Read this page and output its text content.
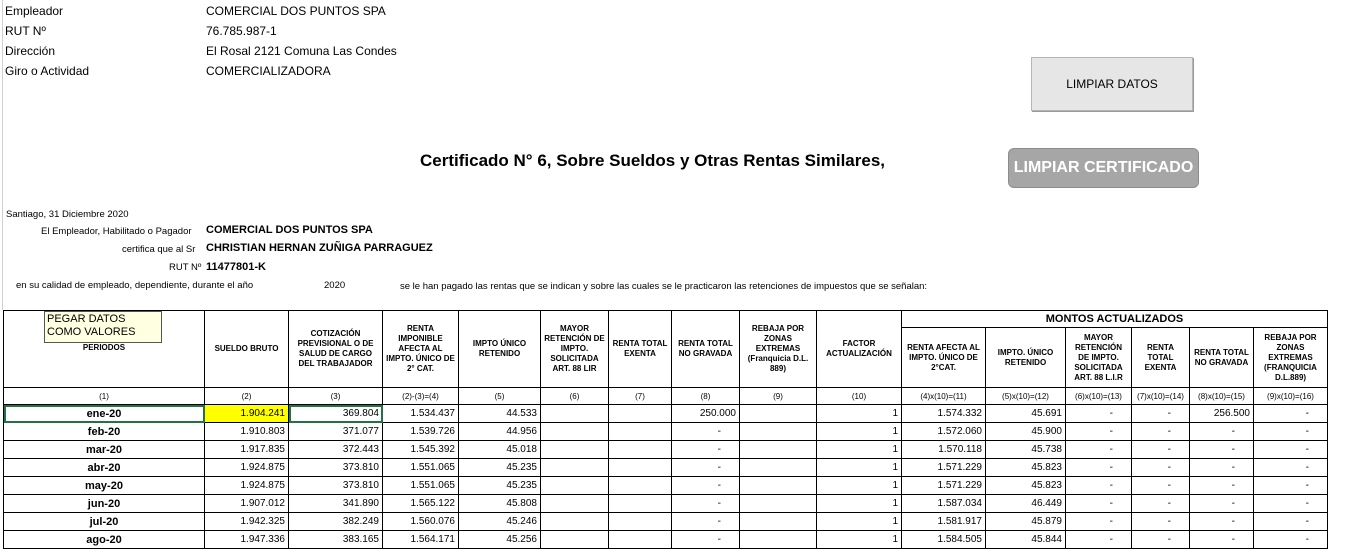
Empleador	COMERCIAL DOS PUNTOS SPA
RUT Nº	76.785.987-1
Dirección	El Rosal 2121 Comuna Las Condes
Giro o Actividad	COMERCIALIZADORA
LIMPIAR DATOS
Certificado N° 6, Sobre Sueldos y Otras Rentas Similares,	LIMPIAR CERTIFICADO
Santiago, 31 Diciembre 2020
El Empleador, Habilitado o Pagador COMERCIAL DOS PUNTOS SPA
certifica que al Sr CHRISTIAN HERNAN ZUÑIGA PARRAGUEZ
RUT Nº 11477801-K
en su calidad de empleado, dependiente, durante el año	2020	se le han pagado las rentas que se indican y sobre las cuales se le practicaron las retenciones de impuestos que se señalan:
PERIODOS	SUELDO BRUTO	COTIZACIÓN PREVISIONAL O DE SALUD DE CARGO DEL TRABAJADOR	RENTA IMPONIBLE AFECTA AL IMPTO. ÚNICO DE 2° CAT.	IMPTO ÚNICO RETENIDO	MAYOR RETENCIÓN DE IMPTO. SOLICITADA ART. 88 LIR	RENTA TOTAL EXENTA	RENTA TOTAL NO GRAVADA	REBAJA POR ZONAS EXTREMAS (Franquicia D.L. 889)	FACTOR ACTUALIZACIÓN	MONTOS ACTUALIZADOS					
										RENTA AFECTA AL IMPTO. ÚNICO DE 2°CAT.	IMPTO. ÚNICO RETENIDO	MAYOR RETENCIÓN DE IMPTO. SOLICITADA ART. 88 L.I.R	RENTA TOTAL EXENTA	RENTA TOTAL NO GRAVADA	REBAJA POR ZONAS EXTREMAS (FRANQUICIA D.L.889)
(1)	(2)	(3)	(2)-(3)=(4)	(5)	(6)	(7)	(8)	(9)	(10)	(4)x(10)=(11)	(5)x(10)=(12)	(6)x(10)=(13)	(7)x(10)=(14)	(8)x(10)=(15)	(9)x(10)=(16)
ene-20	1.904.241	369.804	1.534.437	44.533			250.000		1	1.574.332	45.691	-	-	256.500	-
feb-20	1.910.803	371.077	1.539.726	44.956			-		1	1.572.060	45.900	-	-	-	-
mar-20	1.917.835	372.443	1.545.392	45.018			-		1	1.570.118	45.738	-	-	-	-
abr-20	1.924.875	373.810	1.551.065	45.235			-		1	1.571.229	45.823	-	-	-	-
may-20	1.924.875	373.810	1.551.065	45.235			-		1	1.571.229	45.823	-	-	-	-
jun-20	1.907.012	341.890	1.565.122	45.808			-		1	1.587.034	46.449	-	-	-	-
jul-20	1.942.325	382.249	1.560.076	45.246			-		1	1.581.917	45.879	-	-	-	-
ago-20	1.947.336	383.165	1.564.171	45.256			-		1	1.584.505	45.844	-	-	-	-
PEGAR DATOS
COMO VALORES
